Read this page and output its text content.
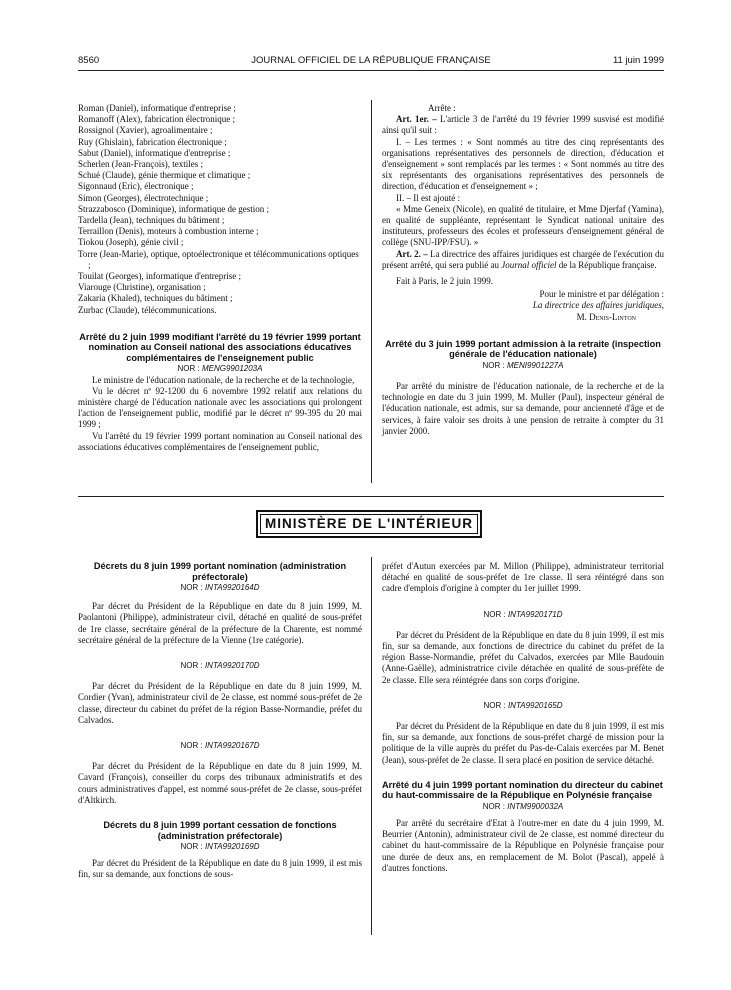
8560	JOURNAL OFFICIEL DE LA RÉPUBLIQUE FRANÇAISE	11 juin 1999

Roman (Daniel), informatique d'entreprise ;

Romanoff (Alex), fabrication électronique ;

Rossignol (Xavier), agroalimentaire ;

Ruy (Ghislain), fabrication électronique ;

Sabut (Daniel), informatique d'entreprise ;

Scherlen (Jean-François), textiles ;

Schué (Claude), génie thermique et climatique ;

Sigonnaud (Eric), électronique ;

Simon (Georges), électrotechnique ;

Strazzabosco (Dominique), informatique de gestion ;

Tardella (Jean), techniques du bâtiment ;

Terraillon (Denis), moteurs à combustion interne ;

Tiokou (Joseph), génie civil ;

Torre (Jean-Marie), optique, optoélectronique et télécommunications optiques ;

Touilat (Georges), informatique d'entreprise ;

Viarouge (Christine), organisation ;

Zakaria (Khaled), techniques du bâtiment ;

Zurbac (Claude), télécommunications.

Arrêté du 2 juin 1999 modifiant l'arrêté du 19 février 1999 portant nomination au Conseil national des associations éducatives complémentaires de l'enseignement public

NOR : MENG9901203A

Le ministre de l'éducation nationale, de la recherche et de la technologie,

Vu le décret nº 92-1200 du 6 novembre 1992 relatif aux relations du ministère chargé de l'éducation nationale avec les associations qui prolongent l'action de l'enseignement public, modifié par le décret nº 99-395 du 20 mai 1999 ;

Vu l'arrêté du 19 février 1999 portant nomination au Conseil national des associations éducatives complémentaires de l'enseignement public,

Arrête :

Art. 1er. – L'article 3 de l'arrêté du 19 février 1999 susvisé est modifié ainsi qu'il suit :

I. – Les termes : « Sont nommés au titre des cinq représentants des organisations représentatives des personnels de direction, d'éducation et d'enseignement » sont remplacés par les termes : « Sont nommés au titre des six représentants des organisations représentatives des personnels de direction, d'éducation et d'enseignement » ;

II. – Il est ajouté :

« Mme Geneix (Nicole), en qualité de titulaire, et Mme Djerfaf (Yamina), en qualité de suppléante, représentant le Syndicat national unitaire des instituteurs, professeurs des écoles et professeurs d'enseignement général de collège (SNU-IPP/FSU). »

Art. 2. – La directrice des affaires juridiques est chargée de l'exécution du présent arrêté, qui sera publié au Journal officiel de la République française.

Fait à Paris, le 2 juin 1999.

Pour le ministre et par délégation :

La directrice des affaires juridiques,

M. Denis-Linton

Arrêté du 3 juin 1999 portant admission à la retraite (inspection générale de l'éducation nationale)

NOR : MENI9901227A

Par arrêté du ministre de l'éducation nationale, de la recherche et de la technologie en date du 3 juin 1999, M. Muller (Paul), inspecteur général de l'éducation nationale, est admis, sur sa demande, pour ancienneté d'âge et de services, à faire valoir ses droits à une pension de retraite à compter du 31 janvier 2000.

MINISTÈRE DE L'INTÉRIEUR

Décrets du 8 juin 1999 portant nomination (administration préfectorale)

NOR : INTA9920164D

Par décret du Président de la République en date du 8 juin 1999, M. Paolantoni (Philippe), administrateur civil, détaché en qualité de sous-préfet de 1re classe, secrétaire général de la préfecture de la Charente, est nommé secrétaire général de la préfecture de la Vienne (1re catégorie).

NOR : INTA9920170D

Par décret du Président de la République en date du 8 juin 1999, M. Cordier (Yvan), administrateur civil de 2e classe, est nommé sous-préfet de 2e classe, directeur du cabinet du préfet de la région Basse-Normandie, préfet du Calvados.

NOR : INTA9920167D

Par décret du Président de la République en date du 8 juin 1999, M. Cavard (François), conseiller du corps des tribunaux administratifs et des cours administratives d'appel, est nommé sous-préfet de 2e classe, sous-préfet d'Altkirch.

Décrets du 8 juin 1999 portant cessation de fonctions (administration préfectorale)

NOR : INTA9920169D

Par décret du Président de la République en date du 8 juin 1999, il est mis fin, sur sa demande, aux fonctions de sous-

préfet d'Autun exercées par M. Millon (Philippe), administrateur territorial détaché en qualité de sous-préfet de 1re classe. Il sera réintégré dans son cadre d'emplois d'origine à compter du 1er juillet 1999.

NOR : INTA9920171D

Par décret du Président de la République en date du 8 juin 1999, il est mis fin, sur sa demande, aux fonctions de directrice du cabinet du préfet de la région Basse-Normandie, préfet du Calvados, exercées par Mlle Baudouin (Anne-Gaëlle), administratrice civile détachée en qualité de sous-préfète de 2e classe. Elle sera réintégrée dans son corps d'origine.

NOR : INTA9920165D

Par décret du Président de la République en date du 8 juin 1999, il est mis fin, sur sa demande, aux fonctions de sous-préfet chargé de mission pour la politique de la ville auprès du préfet du Pas-de-Calais exercées par M. Benet (Jean), sous-préfet de 2e classe. Il sera placé en position de service détaché.

Arrêté du 4 juin 1999 portant nomination du directeur du cabinet du haut-commissaire de la République en Polynésie française

NOR : INTM9900032A

Par arrêté du secrétaire d'Etat à l'outre-mer en date du 4 juin 1999, M. Beurrier (Antonin), administrateur civil de 2e classe, est nommé directeur du cabinet du haut-commissaire de la République en Polynésie française pour une durée de deux ans, en remplacement de M. Bolot (Pascal), appelé à d'autres fonctions.
